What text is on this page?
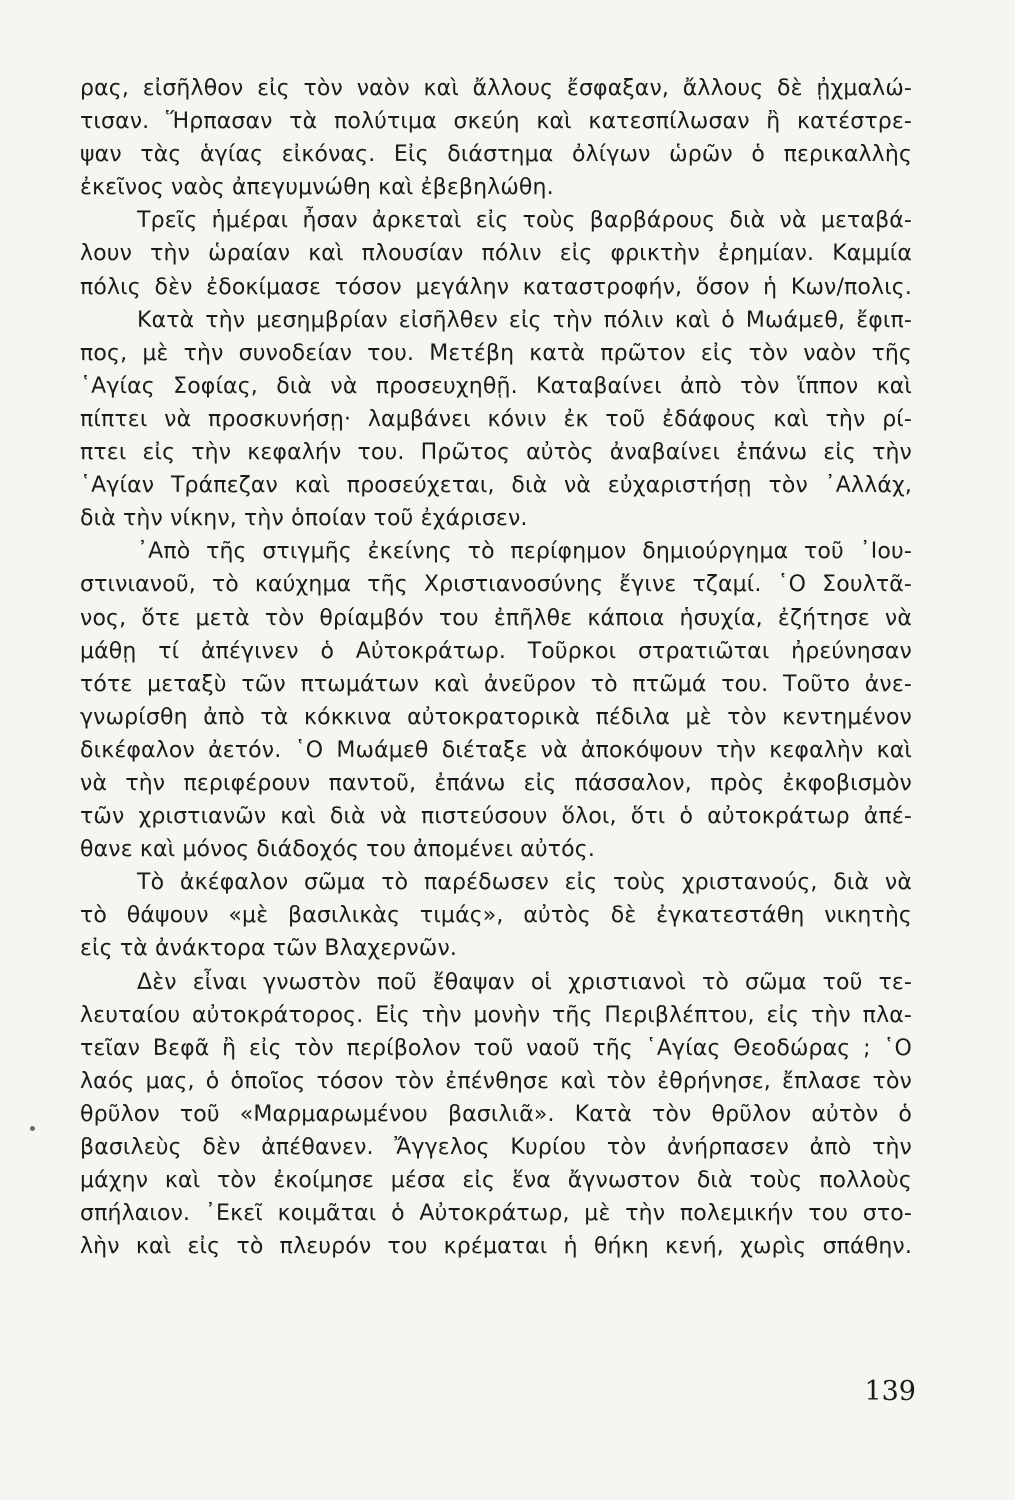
ρας, εἰσῆλθον εἰς τὸν ναὸν καὶ ἄλλους ἔσφαξαν, ἄλλους δὲ ᾐχμαλώ-
τισαν. Ἥρπασαν τὰ πολύτιμα σκεύη καὶ κατεσπίλωσαν ἢ κατέστρε-
ψαν τὰς ἁγίας εἰκόνας. Εἰς διάστημα ὀλίγων ὡρῶν ὁ περικαλλὴς
ἐκεῖνος ναὸς ἀπεγυμνώθη καὶ ἐβεβηλώθη.
Τρεῖς ἡμέραι ἦσαν ἀρκεταὶ εἰς τοὺς βαρβάρους διὰ νὰ μεταβά-
λουν τὴν ὡραίαν καὶ πλουσίαν πόλιν εἰς φρικτὴν ἐρημίαν. Καμμία
πόλις δὲν ἐδοκίμασε τόσον μεγάλην καταστροφήν, ὅσον ἡ Κων/πολις.
Κατὰ τὴν μεσημβρίαν εἰσῆλθεν εἰς τὴν πόλιν καὶ ὁ Μωάμεθ, ἔφιπ-
πος, μὲ τὴν συνοδείαν του. Μετέβη κατὰ πρῶτον εἰς τὸν ναὸν τῆς
῾Αγίας Σοφίας, διὰ νὰ προσευχηθῇ. Καταβαίνει ἀπὸ τὸν ἵππον καὶ
πίπτει νὰ προσκυνήσῃ· λαμβάνει κόνιν ἐκ τοῦ ἐδάφους καὶ τὴν ρί-
πτει εἰς τὴν κεφαλήν του. Πρῶτος αὐτὸς ἀναβαίνει ἐπάνω εἰς τὴν
῾Αγίαν Τράπεζαν καὶ προσεύχεται, διὰ νὰ εὐχαριστήσῃ τὸν ᾿Αλλάχ,
διὰ τὴν νίκην, τὴν ὁποίαν τοῦ ἐχάρισεν.
᾿Απὸ τῆς στιγμῆς ἐκείνης τὸ περίφημον δημιούργημα τοῦ ᾿Ιου-
στινιανοῦ, τὸ καύχημα τῆς Χριστιανοσύνης ἔγινε τζαμί. ῾Ο Σουλτᾶ-
νος, ὅτε μετὰ τὸν θρίαμβόν του ἐπῆλθε κάποια ἡσυχία, ἐζήτησε νὰ
μάθῃ τί ἀπέγινεν ὁ Αὐτοκράτωρ. Τοῦρκοι στρατιῶται ἠρεύνησαν
τότε μεταξὺ τῶν πτωμάτων καὶ ἀνεῦρον τὸ πτῶμά του. Τοῦτο ἀνε-
γνωρίσθη ἀπὸ τὰ κόκκινα αὐτοκρατορικὰ πέδιλα μὲ τὸν κεντημένον
δικέφαλον ἀετόν. ῾Ο Μωάμεθ διέταξε νὰ ἀποκόψουν τὴν κεφαλὴν καὶ
νὰ τὴν περιφέρουν παντοῦ, ἐπάνω εἰς πάσσαλον, πρὸς ἐκφοβισμὸν
τῶν χριστιανῶν καὶ διὰ νὰ πιστεύσουν ὅλοι, ὅτι ὁ αὐτοκράτωρ ἀπέ-
θανε καὶ μόνος διάδοχός του ἀπομένει αὐτός.
Τὸ ἀκέφαλον σῶμα τὸ παρέδωσεν εἰς τοὺς χριστανούς, διὰ νὰ
τὸ θάψουν «μὲ βασιλικὰς τιμάς», αὐτὸς δὲ ἐγκατεστάθη νικητὴς
εἰς τὰ ἀνάκτορα τῶν Βλαχερνῶν.
Δὲν εἶναι γνωστὸν ποῦ ἔθαψαν οἱ χριστιανοὶ τὸ σῶμα τοῦ τε-
λευταίου αὐτοκράτορος. Εἰς τὴν μονὴν τῆς Περιβλέπτου, εἰς τὴν πλα-
τεῖαν Βεφᾶ ἢ εἰς τὸν περίβολον τοῦ ναοῦ τῆς ῾Αγίας Θεοδώρας ; ῾Ο
λαός μας, ὁ ὁποῖος τόσον τὸν ἐπένθησε καὶ τὸν ἐθρήνησε, ἔπλασε τὸν
θρῦλον τοῦ «Μαρμαρωμένου βασιλιᾶ». Κατὰ τὸν θρῦλον αὐτὸν ὁ
βασιλεὺς δὲν ἀπέθανεν. Ἄγγελος Κυρίου τὸν ἀνήρπασεν ἀπὸ τὴν
μάχην καὶ τὸν ἐκοίμησε μέσα εἰς ἕνα ἄγνωστον διὰ τοὺς πολλοὺς
σπήλαιον. ᾿Εκεῖ κοιμᾶται ὁ Αὐτοκράτωρ, μὲ τὴν πολεμικήν του στο-
λὴν καὶ εἰς τὸ πλευρόν του κρέμαται ἡ θήκη κενή, χωρὶς σπάθην.
139
